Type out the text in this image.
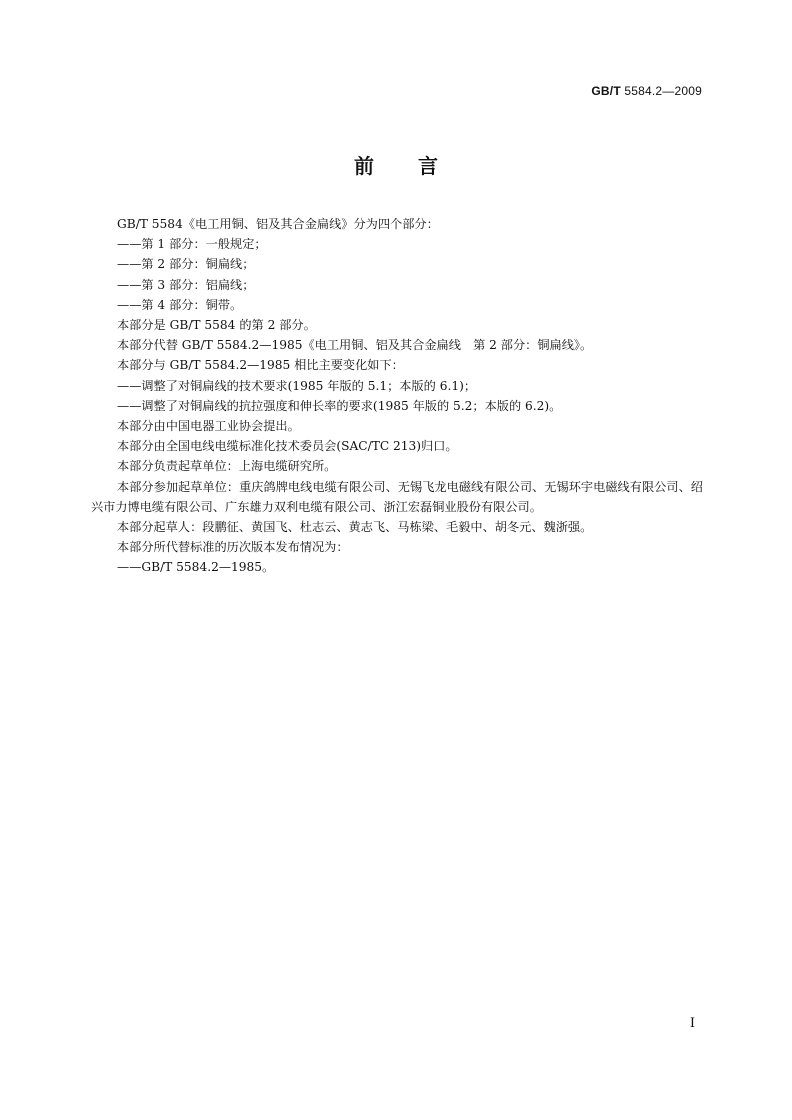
GB/T 5584.2—2009
前言

GB/T 5584《电工用铜、铝及其合金扁线》分为四个部分：

——第 1 部分：一般规定；

——第 2 部分：铜扁线；

——第 3 部分：铝扁线；

——第 4 部分：铜带。

本部分是 GB/T 5584 的第 2 部分。

本部分代替 GB/T 5584.2—1985《电工用铜、铝及其合金扁线　第 2 部分：铜扁线》。

本部分与 GB/T 5584.2—1985 相比主要变化如下：

——调整了对铜扁线的技术要求(1985 年版的 5.1；本版的 6.1)；

——调整了对铜扁线的抗拉强度和伸长率的要求(1985 年版的 5.2；本版的 6.2)。

本部分由中国电器工业协会提出。

本部分由全国电线电缆标准化技术委员会(SAC/TC 213)归口。

本部分负责起草单位：上海电缆研究所。

本部分参加起草单位：重庆鸽牌电线电缆有限公司、无锡飞龙电磁线有限公司、无锡环宇电磁线有限公司、绍兴市力博电缆有限公司、广东雄力双利电缆有限公司、浙江宏磊铜业股份有限公司。

本部分起草人：段鹏征、黄国飞、杜志云、黄志飞、马栋梁、毛毅中、胡冬元、魏浙强。

本部分所代替标准的历次版本发布情况为：

——GB/T 5584.2—1985。

I
